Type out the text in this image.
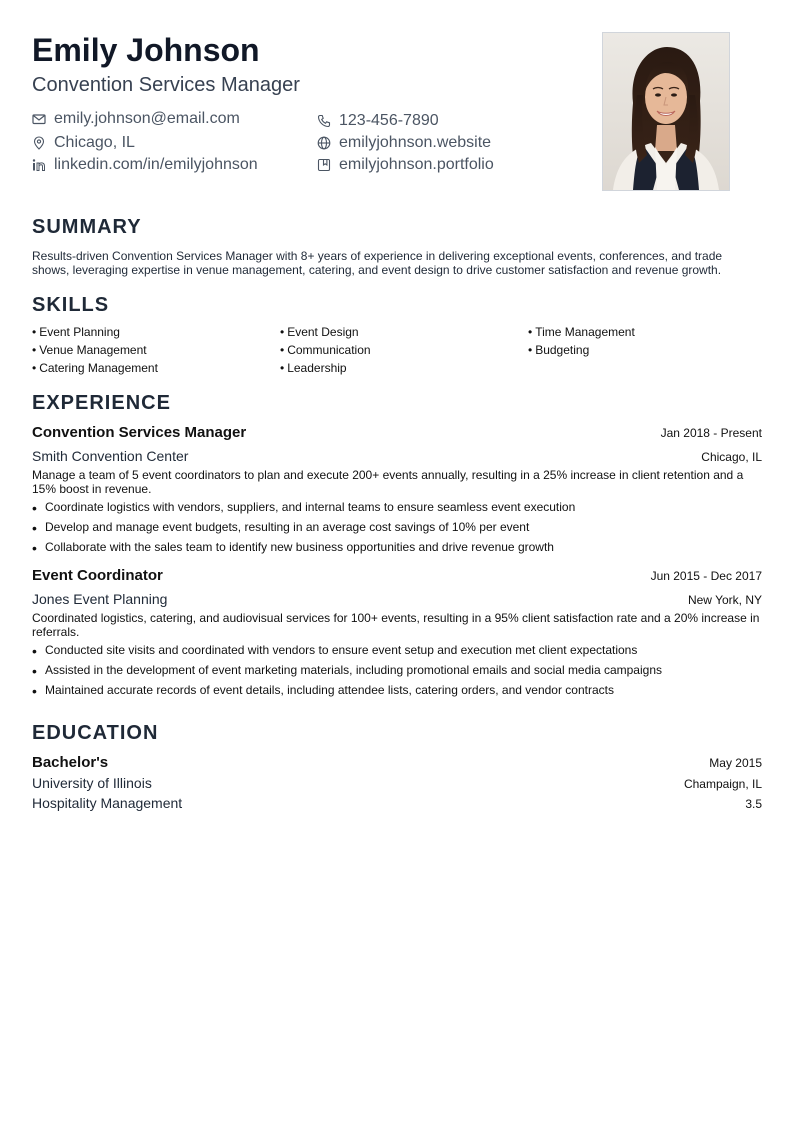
Emily Johnson
Convention Services Manager
emily.johnson@email.com	123-456-7890
Chicago, IL	emilyjohnson.website
linkedin.com/in/emilyjohnson	emilyjohnson.portfolio
SUMMARY
Results-driven Convention Services Manager with 8+ years of experience in delivering exceptional events, conferences, and trade shows, leveraging expertise in venue management, catering, and event design to drive customer satisfaction and revenue growth.
SKILLS
• Event Planning	• Event Design	• Time Management
• Venue Management	• Communication	• Budgeting
• Catering Management	• Leadership
EXPERIENCE
Convention Services Manager	Jan 2018 - Present
Smith Convention Center	Chicago, IL
Manage a team of 5 event coordinators to plan and execute 200+ events annually, resulting in a 25% increase in client retention and a 15% boost in revenue.
• Coordinate logistics with vendors, suppliers, and internal teams to ensure seamless event execution
• Develop and manage event budgets, resulting in an average cost savings of 10% per event
• Collaborate with the sales team to identify new business opportunities and drive revenue growth
Event Coordinator	Jun 2015 - Dec 2017
Jones Event Planning	New York, NY
Coordinated logistics, catering, and audiovisual services for 100+ events, resulting in a 95% client satisfaction rate and a 20% increase in referrals.
• Conducted site visits and coordinated with vendors to ensure event setup and execution met client expectations
• Assisted in the development of event marketing materials, including promotional emails and social media campaigns
• Maintained accurate records of event details, including attendee lists, catering orders, and vendor contracts
EDUCATION
Bachelor's	May 2015
University of Illinois	Champaign, IL
Hospitality Management	3.5
